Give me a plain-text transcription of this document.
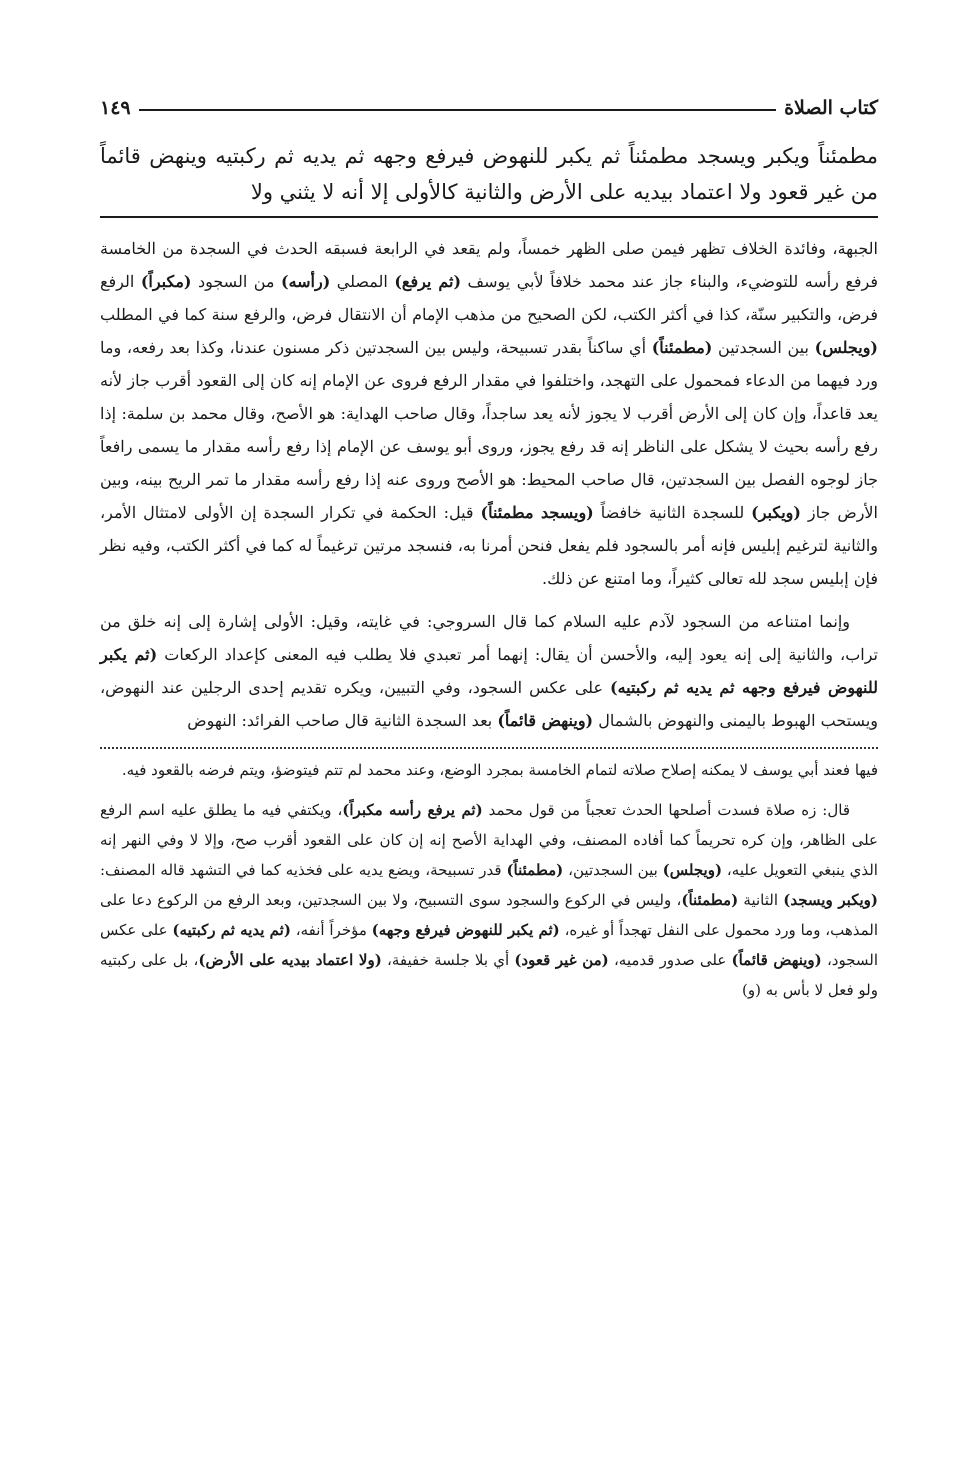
كتاب الصلاة
١٤٩

مطمئناً ويكبر ويسجد مطمئناً ثم يكبر للنهوض فيرفع وجهه ثم يديه ثم ركبتيه وينهض قائماً من غير قعود ولا اعتماد بيديه على الأرض والثانية كالأولى إلا أنه لا يثني ولا

الجبهة، وفائدة الخلاف تظهر فيمن صلى الظهر خمساً، ولم يقعد في الرابعة فسبقه الحدث في السجدة من الخامسة فرفع رأسه للتوضيء، والبناء جاز عند محمد خلافاً لأبي يوسف (ثم يرفع) المصلي (رأسه) من السجود (مكبراً) الرفع فرض، والتكبير سنّة، كذا في أكثر الكتب، لكن الصحيح من مذهب الإمام أن الانتقال فرض، والرفع سنة كما في المطلب (ويجلس) بين السجدتين (مطمئناً) أي ساكناً بقدر تسبيحة، وليس بين السجدتين ذكر مسنون عندنا، وكذا بعد رفعه، وما ورد فيهما من الدعاء فمحمول على التهجد، واختلفوا في مقدار الرفع فروى عن الإمام إنه كان إلى القعود أقرب جاز لأنه يعد قاعداً، وإن كان إلى الأرض أقرب لا يجوز لأنه يعد ساجداً، وقال صاحب الهداية: هو الأصح، وقال محمد بن سلمة: إذا رفع رأسه بحيث لا يشكل على الناظر إنه قد رفع يجوز، وروى أبو يوسف عن الإمام إذا رفع رأسه مقدار ما يسمى رافعاً جاز لوجوه الفصل بين السجدتين، قال صاحب المحيط: هو الأصح وروى عنه إذا رفع رأسه مقدار ما تمر الريح بينه، وبين الأرض جاز (ويكبر) للسجدة الثانية خافضاً (ويسجد مطمئناً) قيل: الحكمة في تكرار السجدة إن الأولى لامتثال الأمر، والثانية لترغيم إبليس فإنه أمر بالسجود فلم يفعل فنحن أمرنا به، فنسجد مرتين ترغيماً له كما في أكثر الكتب، وفيه نظر فإن إبليس سجد لله تعالى كثيراً، وما امتنع عن ذلك.

وإنما امتناعه من السجود لآدم عليه السلام كما قال السروجي: في غايته، وقيل: الأولى إشارة إلى إنه خلق من تراب، والثانية إلى إنه يعود إليه، والأحسن أن يقال: إنهما أمر تعبدي فلا يطلب فيه المعنى كإعداد الركعات (ثم يكبر للنهوض فيرفع وجهه ثم يديه ثم ركبتيه) على عكس السجود، وفي التبيين، ويكره تقديم إحدى الرجلين عند النهوض، ويستحب الهبوط باليمنى والنهوض بالشمال (وينهض قائماً) بعد السجدة الثانية قال صاحب الفرائد: النهوض

فيها فعند أبي يوسف لا يمكنه إصلاح صلاته لتمام الخامسة بمجرد الوضع، وعند محمد لم تتم فيتوضؤ، ويتم فرضه بالقعود فيه.

قال: زه صلاة فسدت أصلحها الحدث تعجباً من قول محمد (ثم يرفع رأسه مكبراً)، ويكتفي فيه ما يطلق عليه اسم الرفع على الظاهر، وإن كره تحريماً كما أفاده المصنف، وفي الهداية الأصح إنه إن كان على القعود أقرب صح، وإلا لا وفي النهر إنه الذي ينبغي التعويل عليه، (ويجلس) بين السجدتين، (مطمئناً) قدر تسبيحة، ويضع يديه على فخذيه كما في التشهد قاله المصنف: (ويكبر ويسجد) الثانية (مطمئناً)، وليس في الركوع والسجود سوى التسبيح، ولا بين السجدتين، وبعد الرفع من الركوع دعا على المذهب، وما ورد محمول على النفل تهجداً أو غيره، (ثم يكبر للنهوض فيرفع وجهه) مؤخراً أنفه، (ثم يديه ثم ركبتيه) على عكس السجود، (وينهض قائماً) على صدور قدميه، (من غير قعود) أي بلا جلسة خفيفة، (ولا اعتماد بيديه على الأرض)، بل على ركبتيه ولو فعل لا بأس به (و)
